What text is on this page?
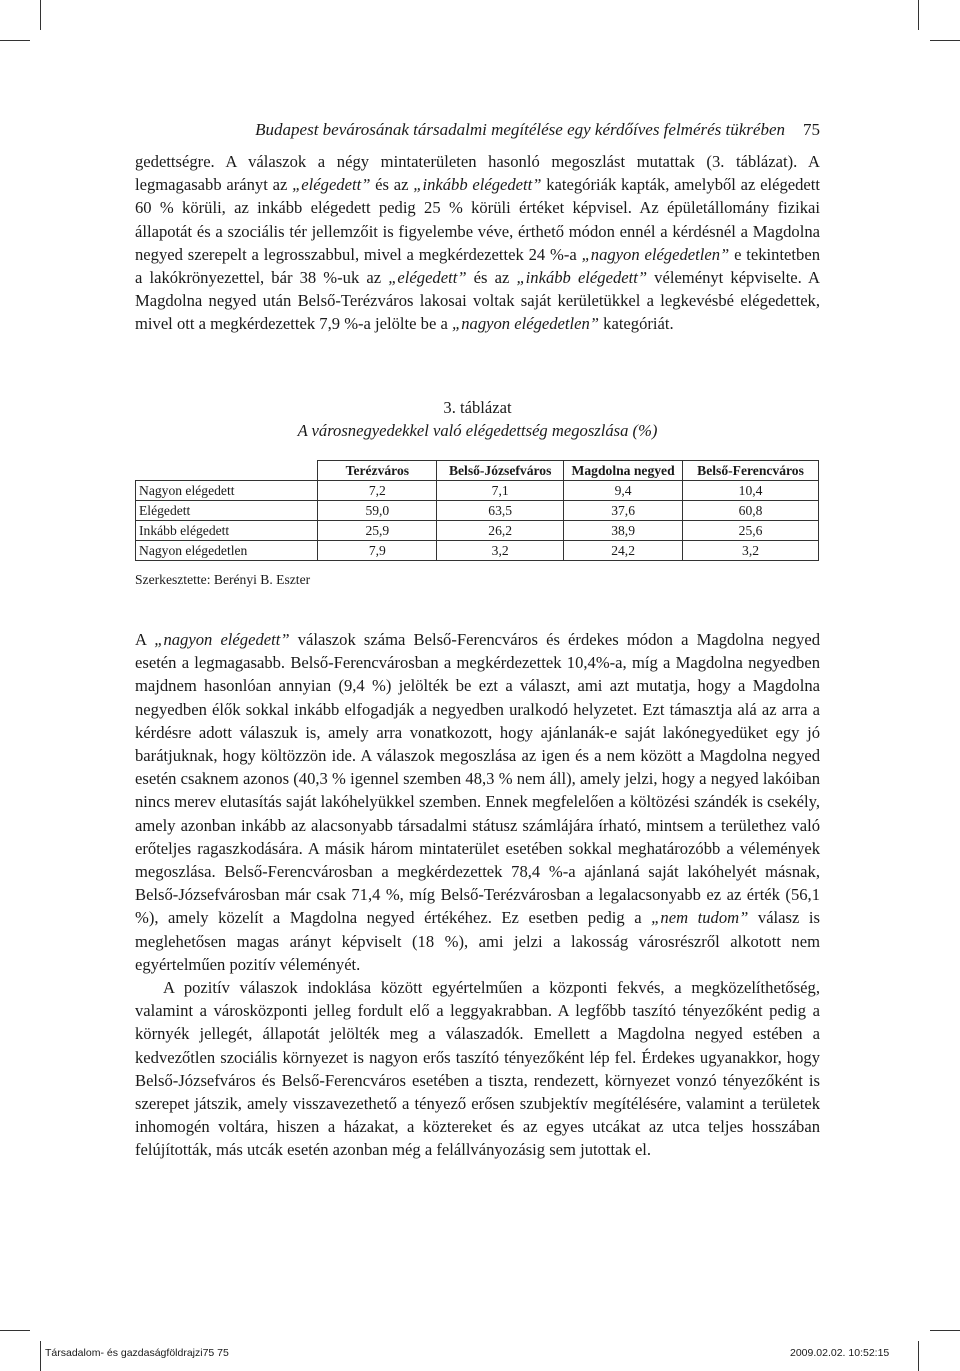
Budapest bevárosának társadalmi megítélése egy kérdőíves felmérés tükrében 75

gedettségre. A válaszok a négy mintaterületen hasonló megoszlást mutattak (3. táblázat). A legmagasabb arányt az „elégedett” és az „inkább elégedett” kategóriák kapták, amelyből az elégedett 60 % körüli, az inkább elégedett pedig 25 % körüli értéket képvisel. Az épületállomány fizikai állapotát és a szociális tér jellemzőit is figyelembe véve, érthető módon ennél a kérdésnél a Magdolna negyed szerepelt a legrosszabbul, mivel a megkérdezettek 24 %-a „nagyon elégedetlen” e tekintetben a lakókrönyezettel, bár 38 %-uk az „elégedett” és az „inkább elégedett” véleményt képviselte. A Magdolna negyed után Belső-Terézváros lakosai voltak saját kerületükkel a legkevésbé elégedettek, mivel ott a megkérdezettek 7,9 %-a jelölte be a „nagyon elégedetlen” kategóriát.

3. táblázat
A városnegyedekkel való elégedettség megoszlása (%)
	Terézváros	Belső-Józsefváros	Magdolna negyed	Belső-Ferencváros
Nagyon elégedett	7,2	7,1	9,4	10,4
Elégedett	59,0	63,5	37,6	60,8
Inkább elégedett	25,9	26,2	38,9	25,6
Nagyon elégedetlen	7,9	3,2	24,2	3,2
Szerkesztette: Berényi B. Eszter

A „nagyon elégedett” válaszok száma Belső-Ferencváros és érdekes módon a Magdolna negyed esetén a legmagasabb. Belső-Ferencvárosban a megkérdezettek 10,4%-a, míg a Magdolna negyedben majdnem hasonlóan annyian (9,4 %) jelölték be ezt a választ, ami azt mutatja, hogy a Magdolna negyedben élők sokkal inkább elfogadják a negyedben uralkodó helyzetet. Ezt támasztja alá az arra a kérdésre adott válaszuk is, amely arra vonatkozott, hogy ajánlanák-e saját lakónegyedüket egy jó barátjuknak, hogy költözzön ide. A válaszok megoszlása az igen és a nem között a Magdolna negyed esetén csaknem azonos (40,3 % igennel szemben 48,3 % nem áll), amely jelzi, hogy a negyed lakóiban nincs merev elutasítás saját lakóhelyükkel szemben. Ennek megfelelően a költözési szándék is csekély, amely azonban inkább az alacsonyabb társadalmi státusz számlájára írható, mintsem a területhez való erőteljes ragaszkodására. A másik három mintaterület esetében sokkal meghatározóbb a vélemények megoszlása. Belső-Ferencvárosban a megkérdezettek 78,4 %-a ajánlaná saját lakóhelyét másnak, Belső-Józsefvárosban már csak 71,4 %, míg Belső-Terézvárosban a legalacsonyabb ez az érték (56,1 %), amely közelít a Magdolna negyed értékéhez. Ez esetben pedig a „nem tudom” válasz is meglehetősen magas arányt képviselt (18 %), ami jelzi a lakosság városrészről alkotott nem egyértelműen pozitív véleményét.

A pozitív válaszok indoklása között egyértelműen a központi fekvés, a megközelíthetőség, valamint a városközponti jelleg fordult elő a leggyakrabban. A legfőbb taszító tényezőként pedig a környék jellegét, állapotát jelölték meg a válaszadók. Emellett a Magdolna negyed estében a kedvezőtlen szociális környezet is nagyon erős taszító tényezőként lép fel. Érdekes ugyanakkor, hogy Belső-Józsefváros és Belső-Ferencváros esetében a tiszta, rendezett, környezet vonzó tényezőként is szerepet játszik, amely visszavezethető a tényező erősen szubjektív megítélésére, valamint a területek inhomogén voltára, hiszen a házakat, a köztereket és az egyes utcákat az utca teljes hosszában felújították, más utcák esetén azonban még a felállványozásig sem jutottak el.

Társadalom- és gazdaságföldrajzi75 75	2009.02.02. 10:52:15
